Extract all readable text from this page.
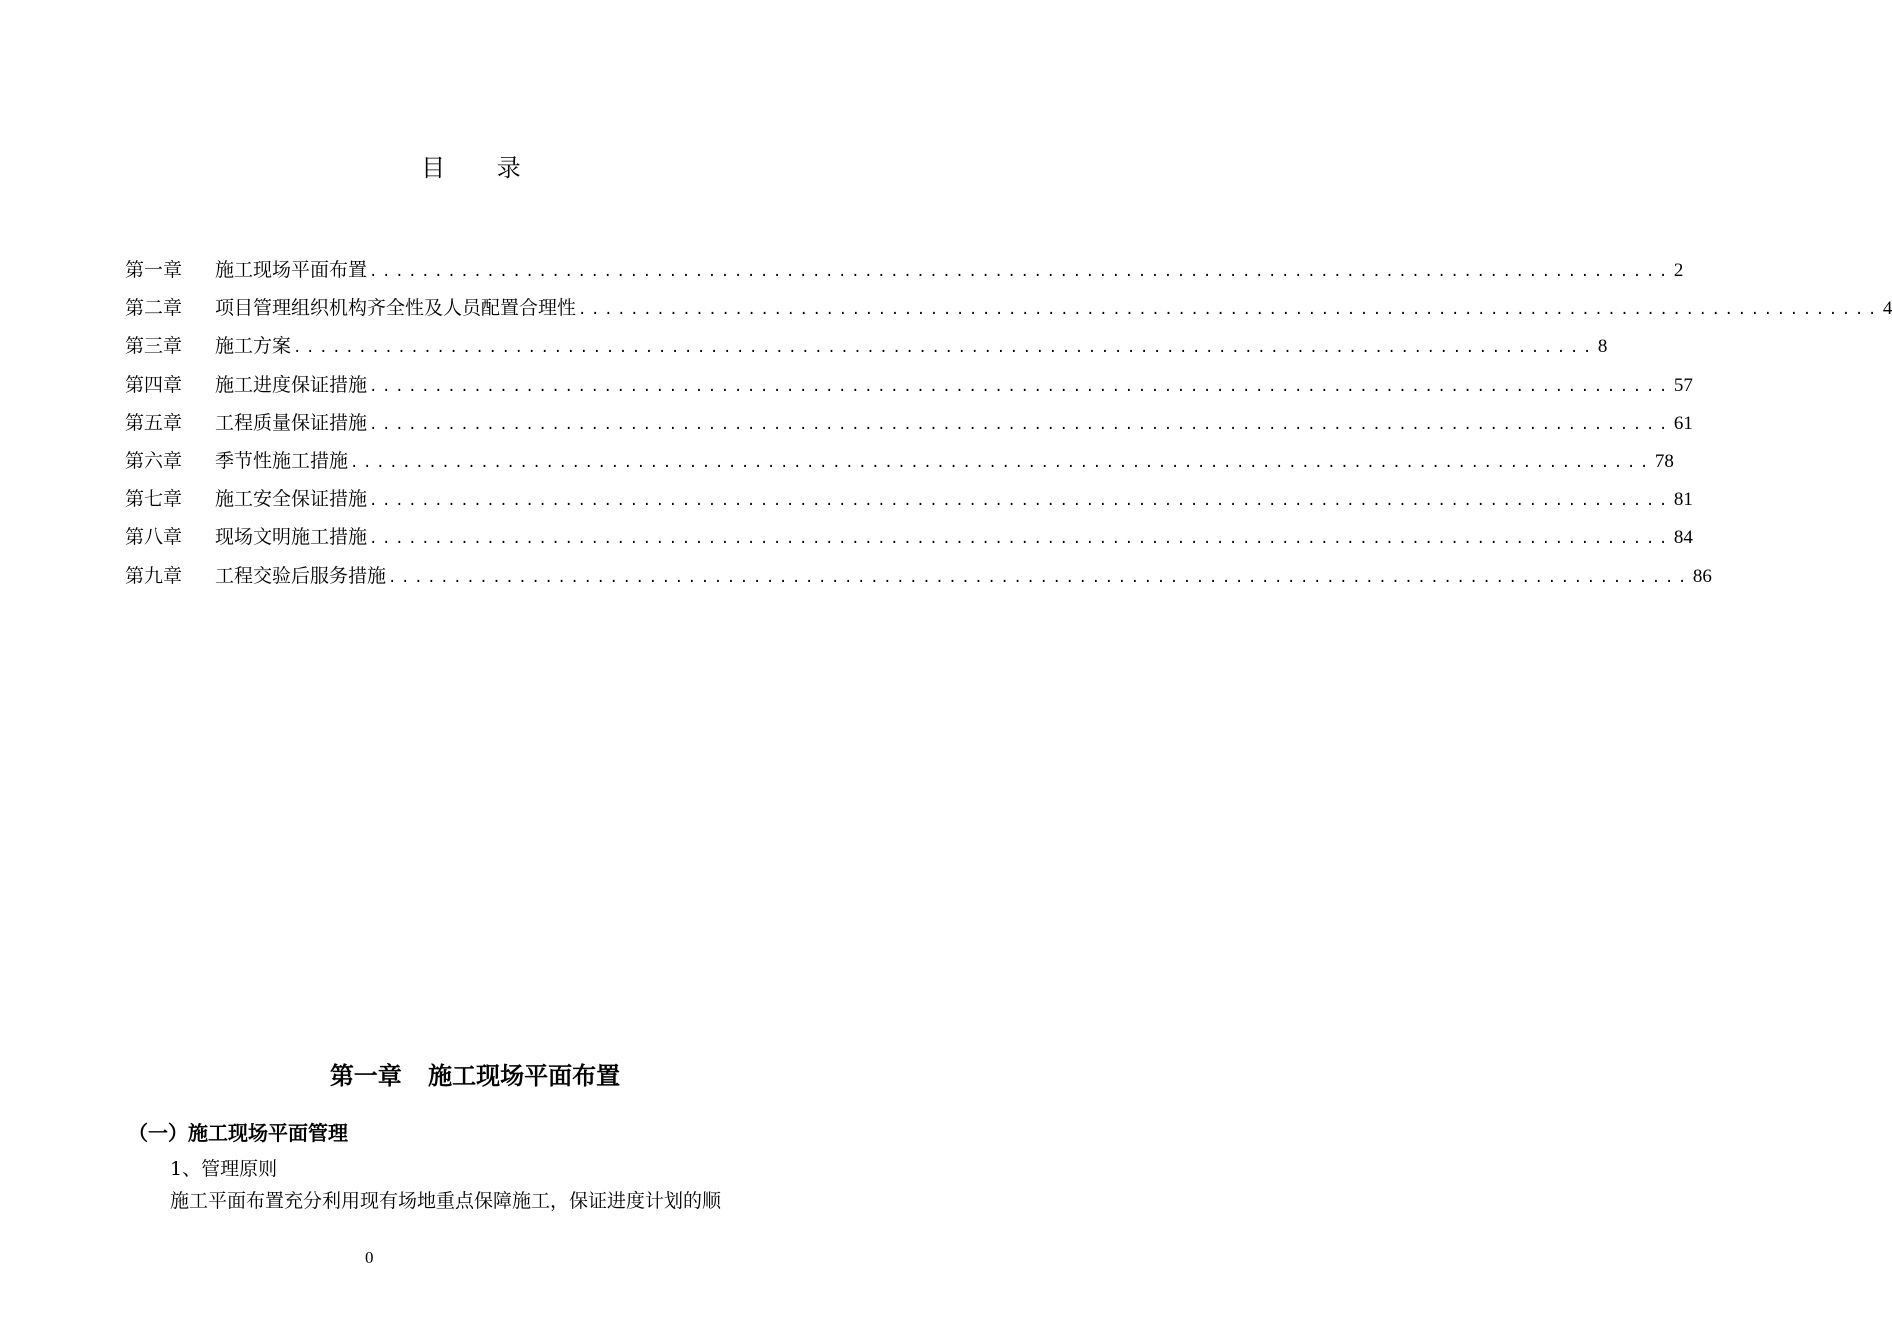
目 录
第一章	施工现场平面布置 .................................................................................................... 2
第二章	项目管理组织机构齐全性及人员配置合理性 .................................................................................................... 4
第三章	施工方案 .................................................................................................... 8
第四章	施工进度保证措施 .................................................................................................... 57
第五章	工程质量保证措施 .................................................................................................... 61
第六章	季节性施工措施 .................................................................................................... 78
第七章	施工安全保证措施 .................................................................................................... 81
第八章	现场文明施工措施 .................................................................................................... 84
第九章	工程交验后服务措施 .................................................................................................... 86
第一章 施工现场平面布置
（一）施工现场平面管理
1、管理原则
施工平面布置充分利用现有场地重点保障施工，保证进度计划的顺
0
